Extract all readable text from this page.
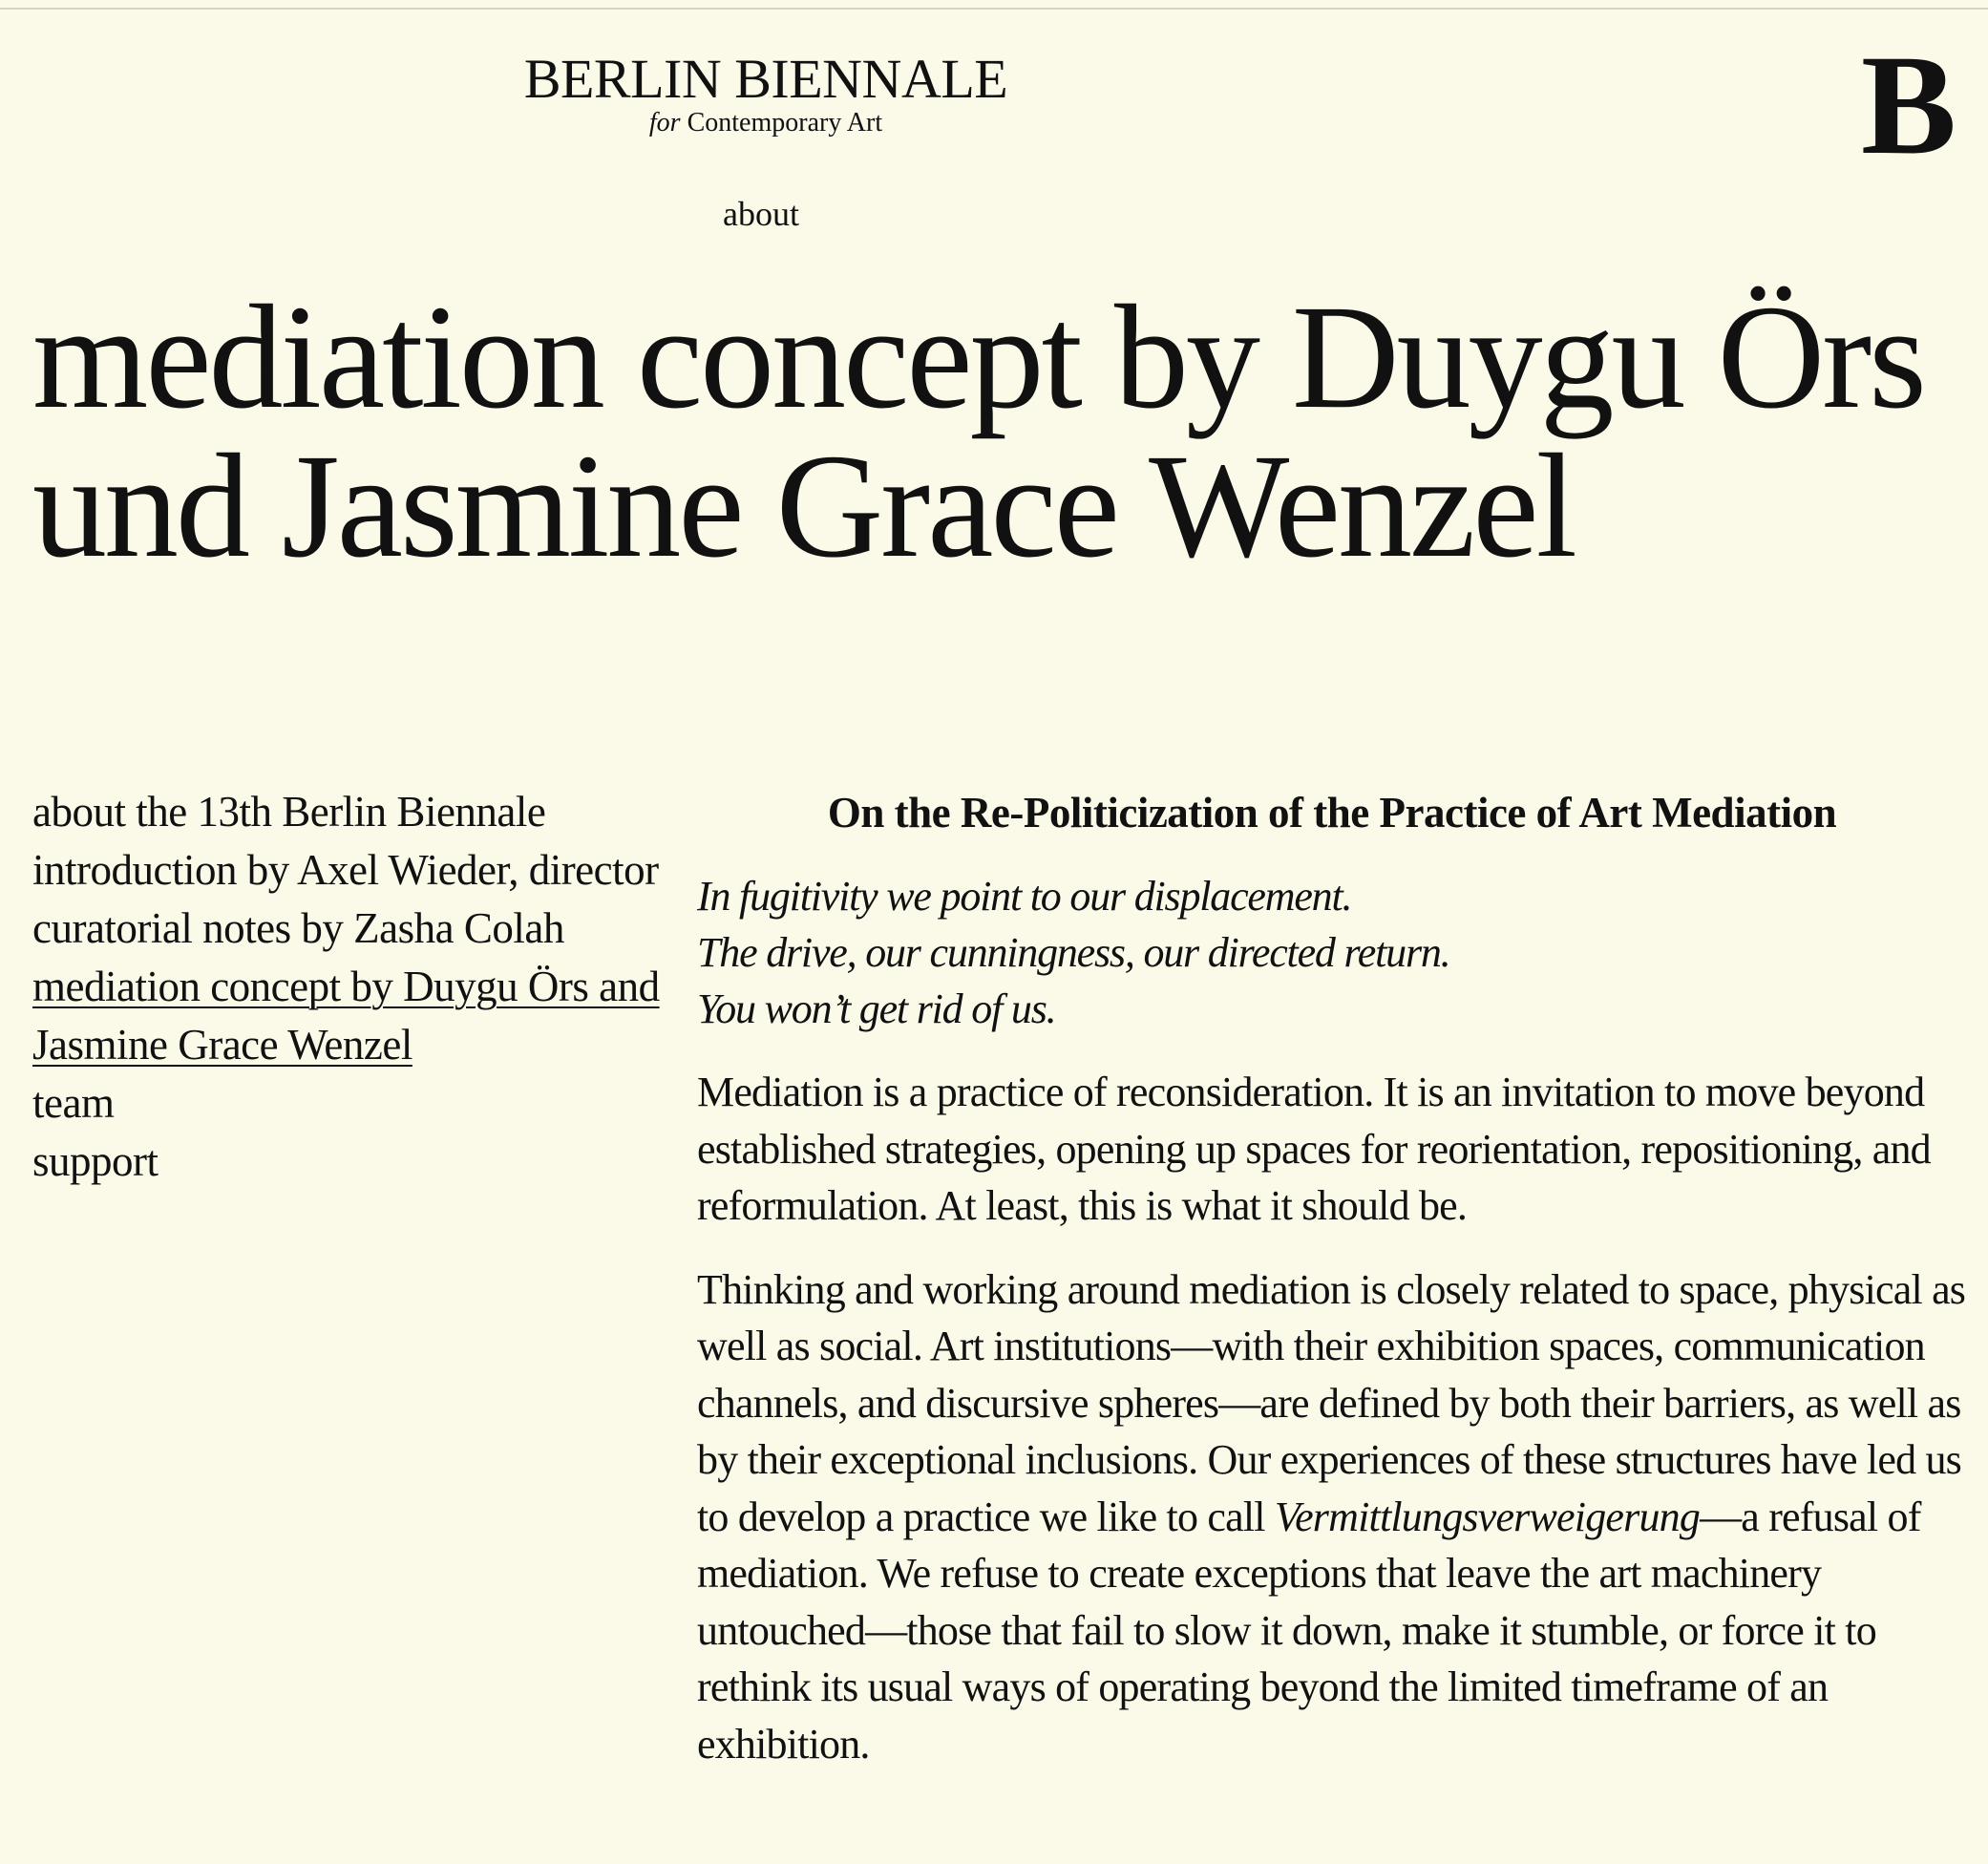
BERLIN BIENNALE
for Contemporary Art	B
about
mediation concept by Duygu Örs und Jasmine Grace Wenzel
about the 13th Berlin Biennale
introduction by Axel Wieder, director
curatorial notes by Zasha Colah
mediation concept by Duygu Örs and Jasmine Grace Wenzel
team
support
On the Re-Politicization of the Practice of Art Mediation

In fugitivity we point to our displacement.
The drive, our cunningness, our directed return.
You won’t get rid of us.

Mediation is a practice of reconsideration. It is an invitation to move beyond established strategies, opening up spaces for reorientation, repositioning, and reformulation. At least, this is what it should be.

Thinking and working around mediation is closely related to space, physical as well as social. Art institutions—with their exhibition spaces, communication channels, and discursive spheres—are defined by both their barriers, as well as by their exceptional inclusions. Our experiences of these structures have led us to develop a practice we like to call Vermittlungsverweigerung—a refusal of mediation. We refuse to create exceptions that leave the art machinery untouched—those that fail to slow it down, make it stumble, or force it to rethink its usual ways of operating beyond the limited timeframe of an exhibition.
